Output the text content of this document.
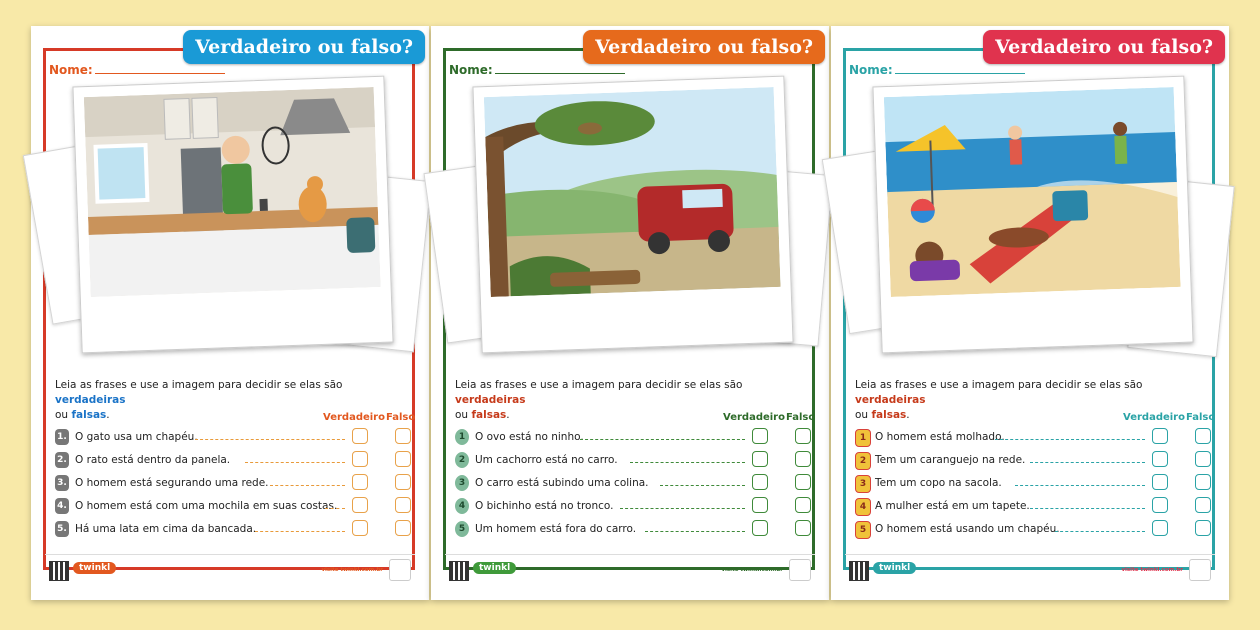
Verdadeiro ou falso?
Nome:
Leia as frases e use a imagem para decidir se elas são verdadeiras
ou falsas.	Verdadeiro Falso
1. O gato usa um chapéu.
2. O rato está dentro da panela.
3. O homem está segurando uma rede.
4. O homem está com uma mochila em suas costas.
5. Há uma lata em cima da bancada.
twinkl	visite twinkl.com.br
Verdadeiro ou falso?
Nome:
Leia as frases e use a imagem para decidir se elas são verdadeiras
ou falsas.	Verdadeiro Falso
1 O ovo está no ninho.
2 Um cachorro está no carro.
3 O carro está subindo uma colina.
4 O bichinho está no tronco.
5 Um homem está fora do carro.
twinkl	visite twinkl.com.br
Verdadeiro ou falso?
Nome:
Leia as frases e use a imagem para decidir se elas são verdadeiras
ou falsas.	Verdadeiro Falso
1 O homem está molhado.
2 Tem um caranguejo na rede.
3 Tem um copo na sacola.
4 A mulher está em um tapete.
5 O homem está usando um chapéu.
twinkl	visite twinkl.com.br
